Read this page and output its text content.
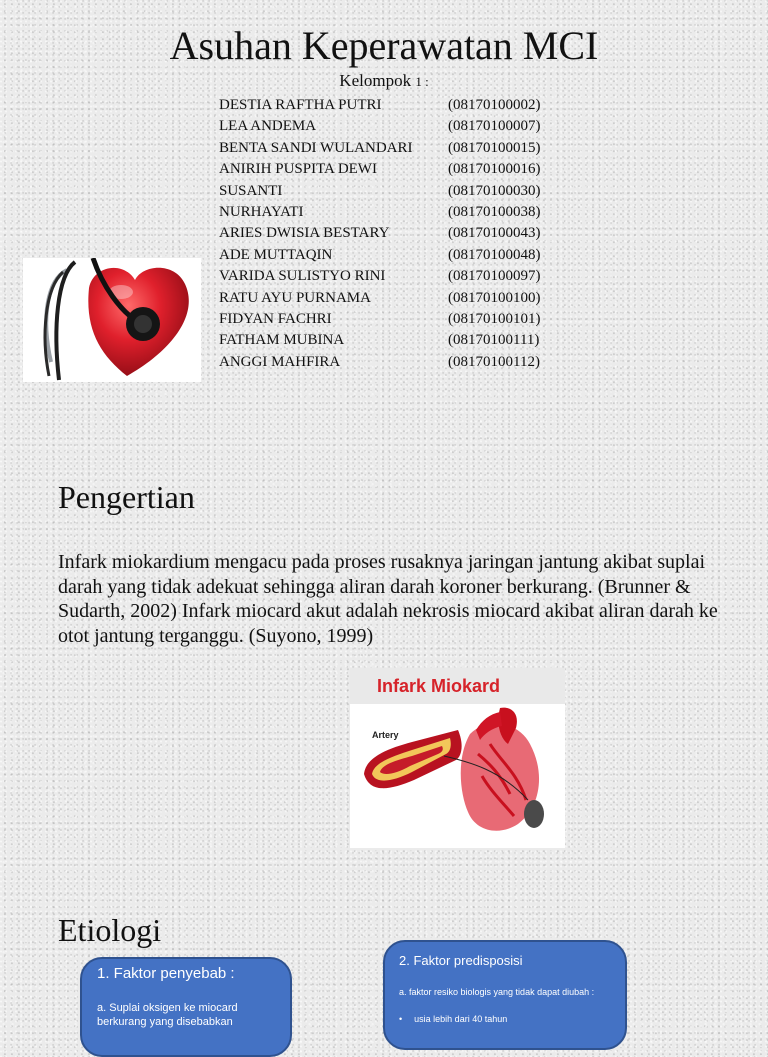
Asuhan Keperawatan MCI
Kelompok 1 :
DESTIA RAFTHA PUTRI	(08170100002)
LEA ANDEMA	(08170100007)
BENTA SANDI WULANDARI	(08170100015)
ANIRIH PUSPITA DEWI	(08170100016)
SUSANTI	(08170100030)
NURHAYATI	(08170100038)
ARIES DWISIA BESTARY	(08170100043)
ADE MUTTAQIN	(08170100048)
VARIDA SULISTYO RINI	(08170100097)
RATU AYU PURNAMA	(08170100100)
FIDYAN FACHRI	(08170100101)
FATHAM MUBINA	(08170100111)
ANGGI MAHFIRA	(08170100112)
Pengertian

Infark miokardium mengacu pada proses rusaknya jaringan jantung akibat suplai darah yang tidak adekuat sehingga aliran darah koroner berkurang. (Brunner & Sudarth, 2002) Infark miocard akut adalah nekrosis miocard akibat aliran darah ke otot jantung terganggu. (Suyono, 1999)

Infark Miokard
Artery
Etiologi
1. Faktor penyebab :
a. Suplai oksigen ke miocard berkurang yang disebabkan
2. Faktor predisposisi
a. faktor resiko biologis yang tidak dapat diubah :
• usia lebih dari 40 tahun
